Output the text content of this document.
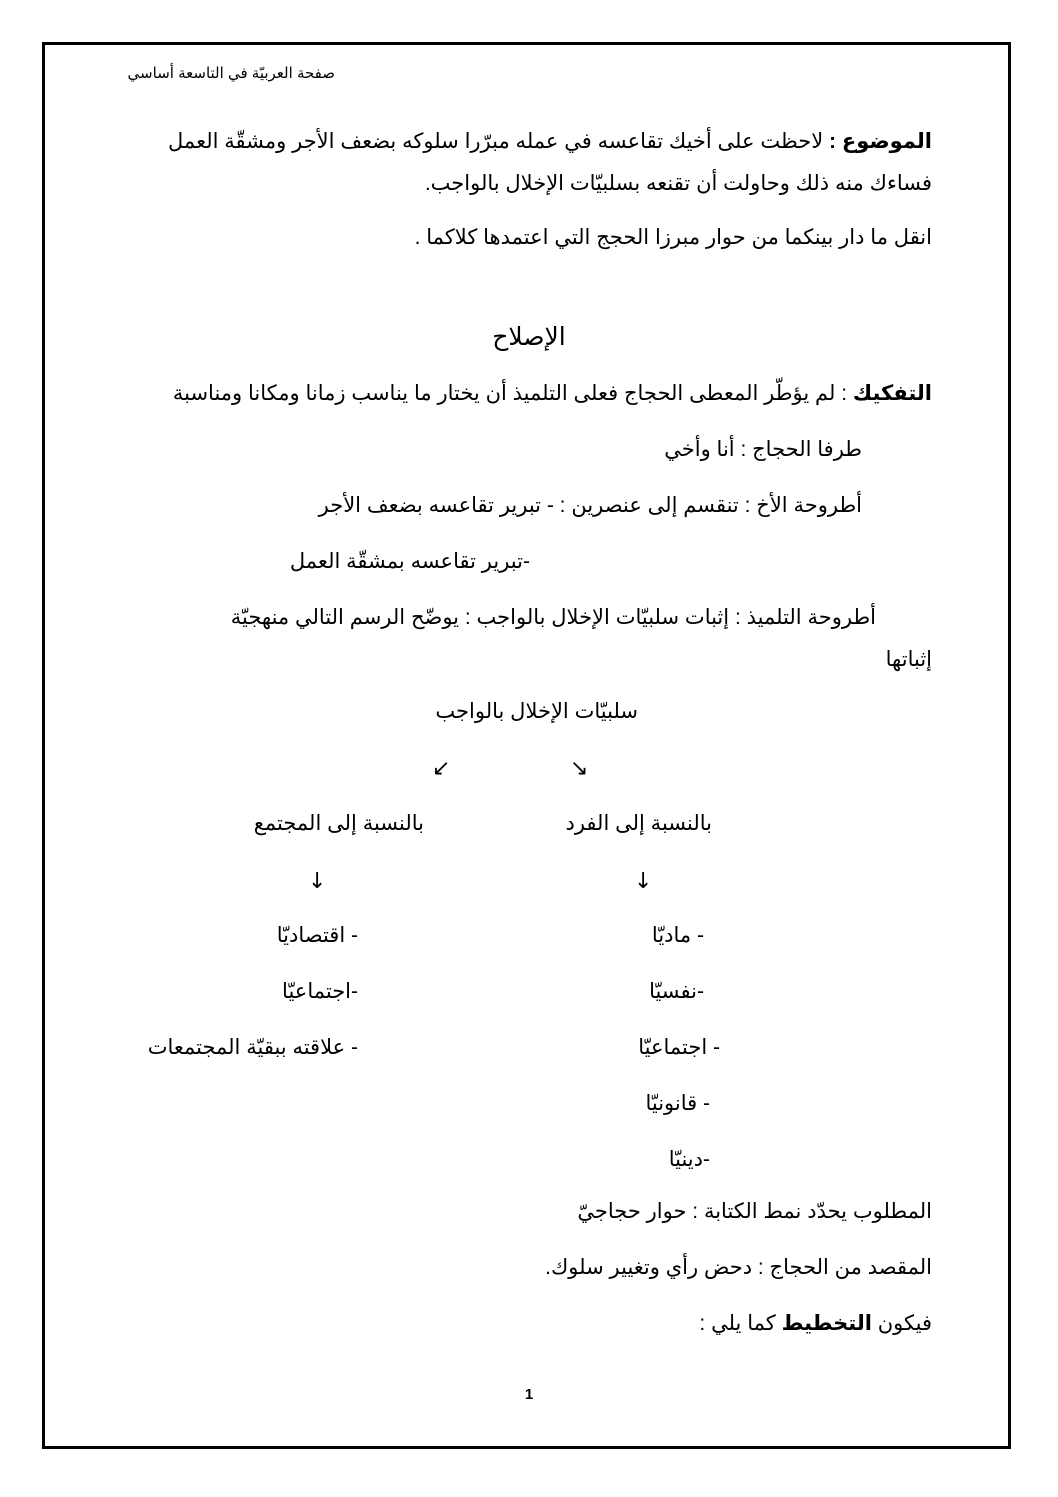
صفحة العربيّة في التاسعة أساسي
الموضوع : لاحظت على أخيك تقاعسه في عمله مبرّرا سلوكه بضعف الأجر ومشقّة العمل
فساءك منه ذلك وحاولت أن تقنعه بسلبيّات الإخلال بالواجب.
انقل ما دار بينكما من حوار مبرزا الحجج التي اعتمدها كلاكما .
الإصلاح
التفكيك : لم يؤطّر المعطى الحجاج فعلى التلميذ أن يختار ما يناسب زمانا ومكانا ومناسبة
طرفا الحجاج : أنا وأخي
أطروحة الأخ : تنقسم إلى عنصرين : - تبرير تقاعسه بضعف الأجر
-تبرير تقاعسه بمشقّة العمل
أطروحة التلميذ : إثبات سلبيّات الإخلال بالواجب : يوضّح الرسم التالي منهجيّة
إثباتها
سلبيّات الإخلال بالواجب
↘
↙
بالنسبة إلى الفرد
بالنسبة إلى المجتمع
↓
↓
- ماديّا
-نفسيّا
- اجتماعيّا
- قانونيّا
-دينيّا
- اقتصاديّا
-اجتماعيّا
- علاقته ببقيّة المجتمعات
المطلوب يحدّد نمط الكتابة : حوار حجاجيّ
المقصد من الحجاج : دحض رأي وتغيير سلوك.
فيكون التخطيط كما يلي :
1
